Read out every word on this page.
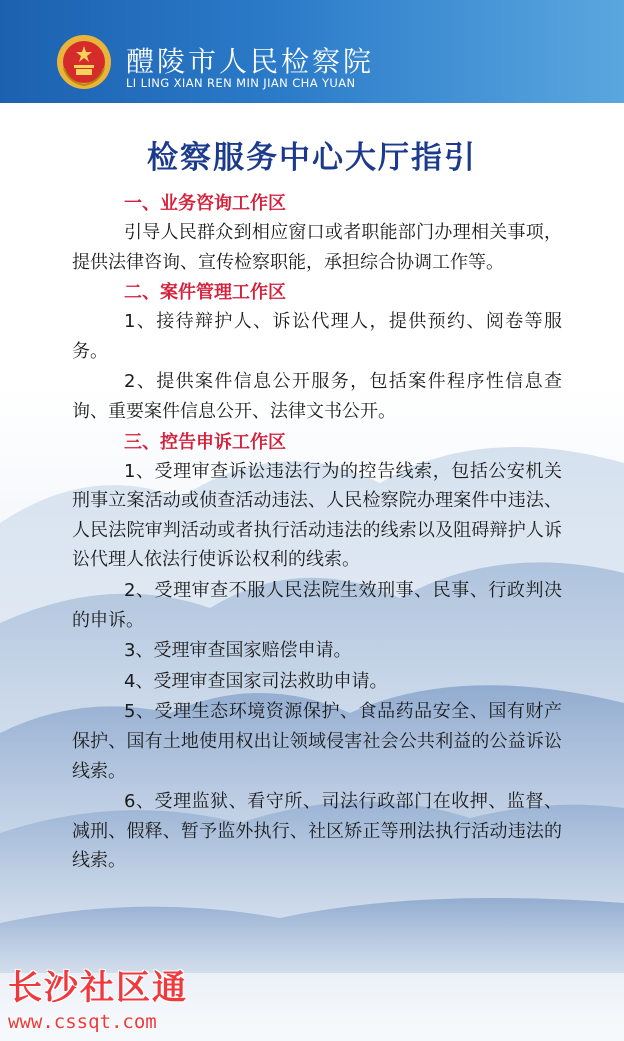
醴陵市人民检察院
LI LING XIAN REN MIN JIAN CHA YUAN
检察服务中心大厅指引
一、业务咨询工作区

引导人民群众到相应窗口或者职能部门办理相关事项，提供法律咨询、宣传检察职能，承担综合协调工作等。

二、案件管理工作区

1、接待辩护人、诉讼代理人，提供预约、阅卷等服务。

2、提供案件信息公开服务，包括案件程序性信息查询、重要案件信息公开、法律文书公开。

三、控告申诉工作区

1、受理审查诉讼违法行为的控告线索，包括公安机关刑事立案活动或侦查活动违法、人民检察院办理案件中违法、人民法院审判活动或者执行活动违法的线索以及阻碍辩护人诉讼代理人依法行使诉讼权利的线索。

2、受理审查不服人民法院生效刑事、民事、行政判决的申诉。

3、受理审查国家赔偿申请。

4、受理审查国家司法救助申请。

5、受理生态环境资源保护、食品药品安全、国有财产保护、国有土地使用权出让领域侵害社会公共利益的公益诉讼线索。

6、受理监狱、看守所、司法行政部门在收押、监督、减刑、假释、暂予监外执行、社区矫正等刑法执行活动违法的线索。

长沙社区通
www.cssqt.com
